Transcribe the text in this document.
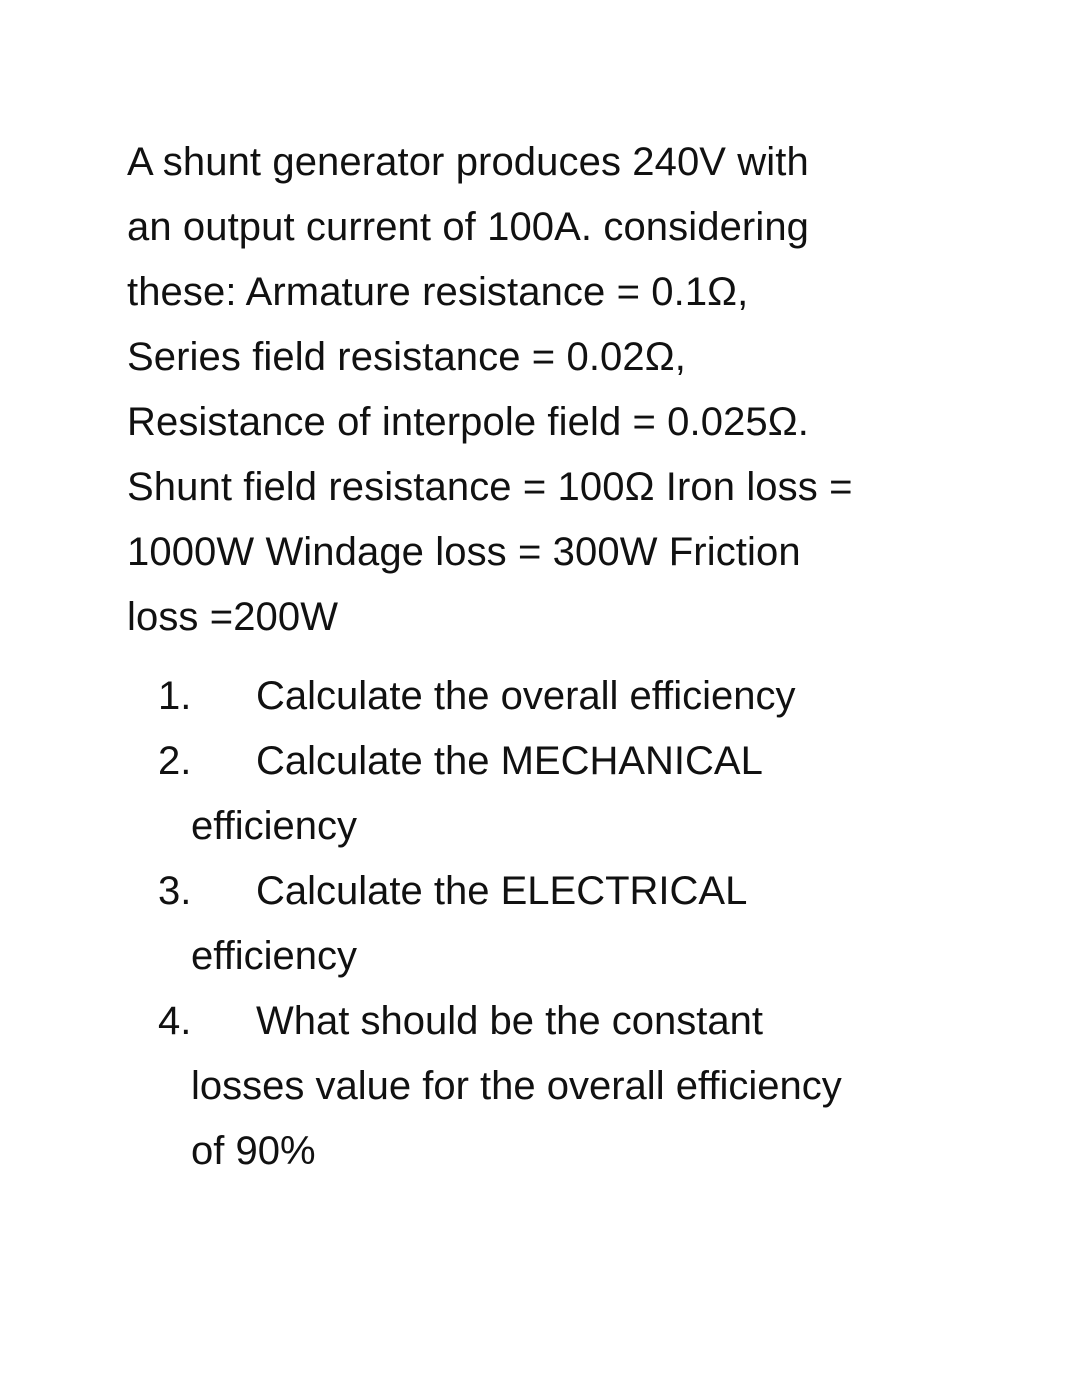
A shunt generator produces 240V with
an output current of 100A. considering
these: Armature resistance = 0.1Ω,
Series field resistance = 0.02Ω,
Resistance of interpole field = 0.025Ω.
Shunt field resistance = 100Ω Iron loss =
1000W Windage loss = 300W Friction
loss =200W
1. Calculate the overall efficiency
2. Calculate the MECHANICAL
efficiency
3. Calculate the ELECTRICAL
efficiency
4. What should be the constant
losses value for the overall efficiency
of 90%
